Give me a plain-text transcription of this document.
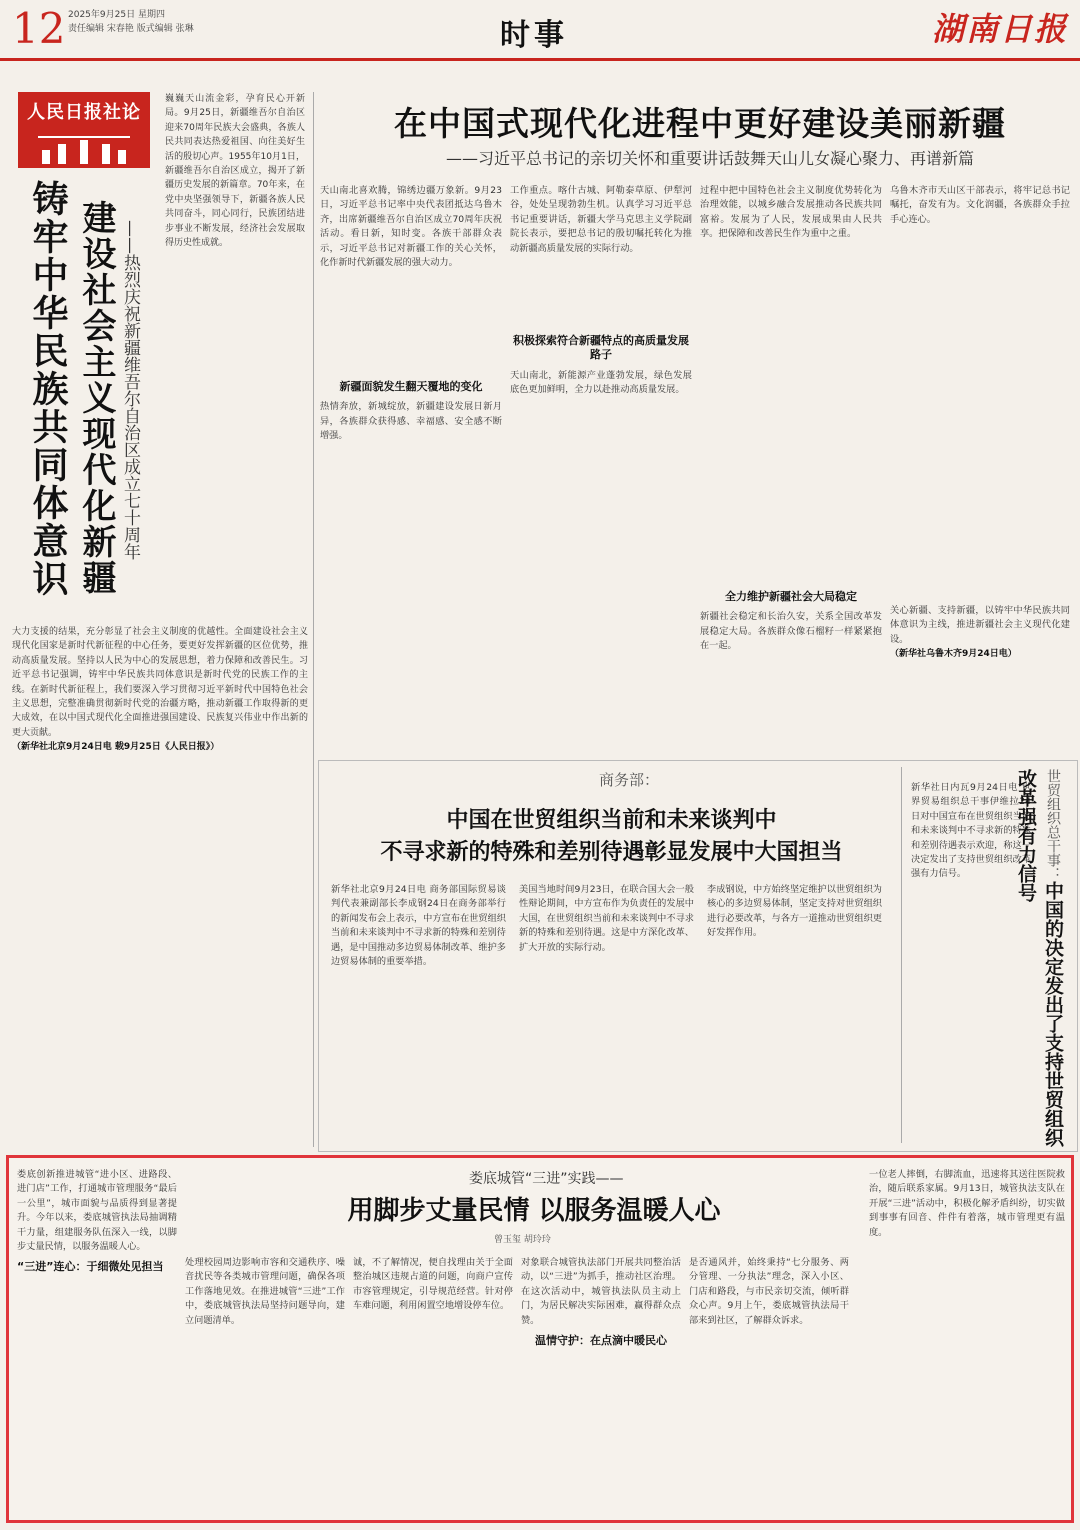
12 2025年9月25日 星期四
责任编辑 宋春艳 版式编辑 张琳	时事	湖南日报
人民日报社论
铸牢中华民族共同体意识 建设社会主义现代化新疆 ——热烈庆祝新疆维吾尔自治区成立七十周年
巍巍天山流金彩，孕育民心开新局。9月25日，新疆维吾尔自治区迎来70周年民族大会盛典，各族人民共同表达热爱祖国、向往美好生活的殷切心声。1955年10月1日，新疆维吾尔自治区成立，揭开了新疆历史发展的新篇章。70年来，在党中央坚强领导下，新疆各族人民共同奋斗，同心同行，民族团结进步事业不断发展，经济社会发展取得历史性成就。
大力支援的结果，充分彰显了社会主义制度的优越性。全面建设社会主义现代化国家是新时代新征程的中心任务，要更好发挥新疆的区位优势，推动高质量发展。坚持以人民为中心的发展思想，着力保障和改善民生。习近平总书记强调，铸牢中华民族共同体意识是新时代党的民族工作的主线。在新时代新征程上，我们要深入学习贯彻习近平新时代中国特色社会主义思想，完整准确贯彻新时代党的治疆方略，推动新疆工作取得新的更大成效，在以中国式现代化全面推进强国建设、民族复兴伟业中作出新的更大贡献。
（新华社北京9月24日电 载9月25日《人民日报》）
在中国式现代化进程中更好建设美丽新疆
——习近平总书记的亲切关怀和重要讲话鼓舞天山儿女凝心聚力、再谱新篇
天山南北喜欢腾，锦绣边疆万象新。9月23日，习近平总书记率中央代表团抵达乌鲁木齐，出席新疆维吾尔自治区成立70周年庆祝活动。看日新，知时变。各族干部群众表示，习近平总书记对新疆工作的关心关怀，化作新时代新疆发展的强大动力。
新疆面貌发生翻天覆地的变化
热情奔放，新城绽放，新疆建设发展日新月异，各族群众获得感、幸福感、安全感不断增强。
工作重点。喀什古城、阿勒泰草原、伊犁河谷，处处呈现勃勃生机。认真学习习近平总书记重要讲话，新疆大学马克思主义学院副院长表示，要把总书记的殷切嘱托转化为推动新疆高质量发展的实际行动。
积极探索符合新疆特点的高质量发展路子
天山南北，新能源产业蓬勃发展，绿色发展底色更加鲜明，全力以赴推动高质量发展。
过程中把中国特色社会主义制度优势转化为治理效能，以城乡融合发展推动各民族共同富裕。发展为了人民，发展成果由人民共享。把保障和改善民生作为重中之重。
全力维护新疆社会大局稳定
新疆社会稳定和长治久安，关系全国改革发展稳定大局。各族群众像石榴籽一样紧紧抱在一起。
乌鲁木齐市天山区干部表示，将牢记总书记嘱托，奋发有为。文化润疆，各族群众手拉手心连心。
关心新疆、支持新疆，以铸牢中华民族共同体意识为主线，推进新疆社会主义现代化建设。
（新华社乌鲁木齐9月24日电）
商务部：
中国在世贸组织当前和未来谈判中
不寻求新的特殊和差别待遇彰显发展中大国担当
新华社北京9月24日电 商务部国际贸易谈判代表兼副部长李成钢24日在商务部举行的新闻发布会上表示，中方宣布在世贸组织当前和未来谈判中不寻求新的特殊和差别待遇，是中国推动多边贸易体制改革、维护多边贸易体制的重要举措。
美国当地时间9月23日，在联合国大会一般性辩论期间，中方宣布作为负责任的发展中大国，在世贸组织当前和未来谈判中不寻求新的特殊和差别待遇。这是中方深化改革、扩大开放的实际行动。
李成钢说，中方始终坚定维护以世贸组织为核心的多边贸易体制，坚定支持对世贸组织进行必要改革，与各方一道推动世贸组织更好发挥作用。
新华社日内瓦9月24日电 世界贸易组织总干事伊维拉24日对中国宣布在世贸组织当前和未来谈判中不寻求新的特殊和差别待遇表示欢迎，称这一决定发出了支持世贸组织改革强有力信号。	世贸组织总干事：中国的决定发出了支持世贸组织改革强有力信号
娄底城管“三进”实践——
用脚步丈量民情 以服务温暖人心
曾玉玺 胡玲玲
娄底创新推进城管“进小区、进路段、进门店”工作，打通城市管理服务“最后一公里”，城市面貌与品质得到显著提升。今年以来，娄底城管执法局抽调精干力量，组建服务队伍深入一线，以脚步丈量民情，以服务温暖人心。
“三进”连心：于细微处见担当	处理校园周边影响市容和交通秩序、噪音扰民等各类城市管理问题，确保各项工作落地见效。在推进城管“三进”工作中，娄底城管执法局坚持问题导向，建立问题清单。
诚，不了解情况，便自找理由关于全面整治城区违规占道的问题，向商户宣传市容管理规定，引导规范经营。针对停车难问题，利用闲置空地增设停车位。
对象联合城管执法部门开展共同整治活动，以“三进”为抓手，推动社区治理。在这次活动中，城管执法队员主动上门，为居民解决实际困难，赢得群众点赞。
温情守护：在点滴中暖民心
是否通风并，始终秉持“七分服务、两分管理、一分执法”理念，深入小区、门店和路段，与市民亲切交流，倾听群众心声。9月上午，娄底城管执法局干部来到社区，了解群众诉求。
一位老人摔倒，右脚流血，迅速将其送往医院救治，随后联系家属。9月13日，城管执法支队在开展“三进”活动中，积极化解矛盾纠纷，切实做到事事有回音、件件有着落，城市管理更有温度。
